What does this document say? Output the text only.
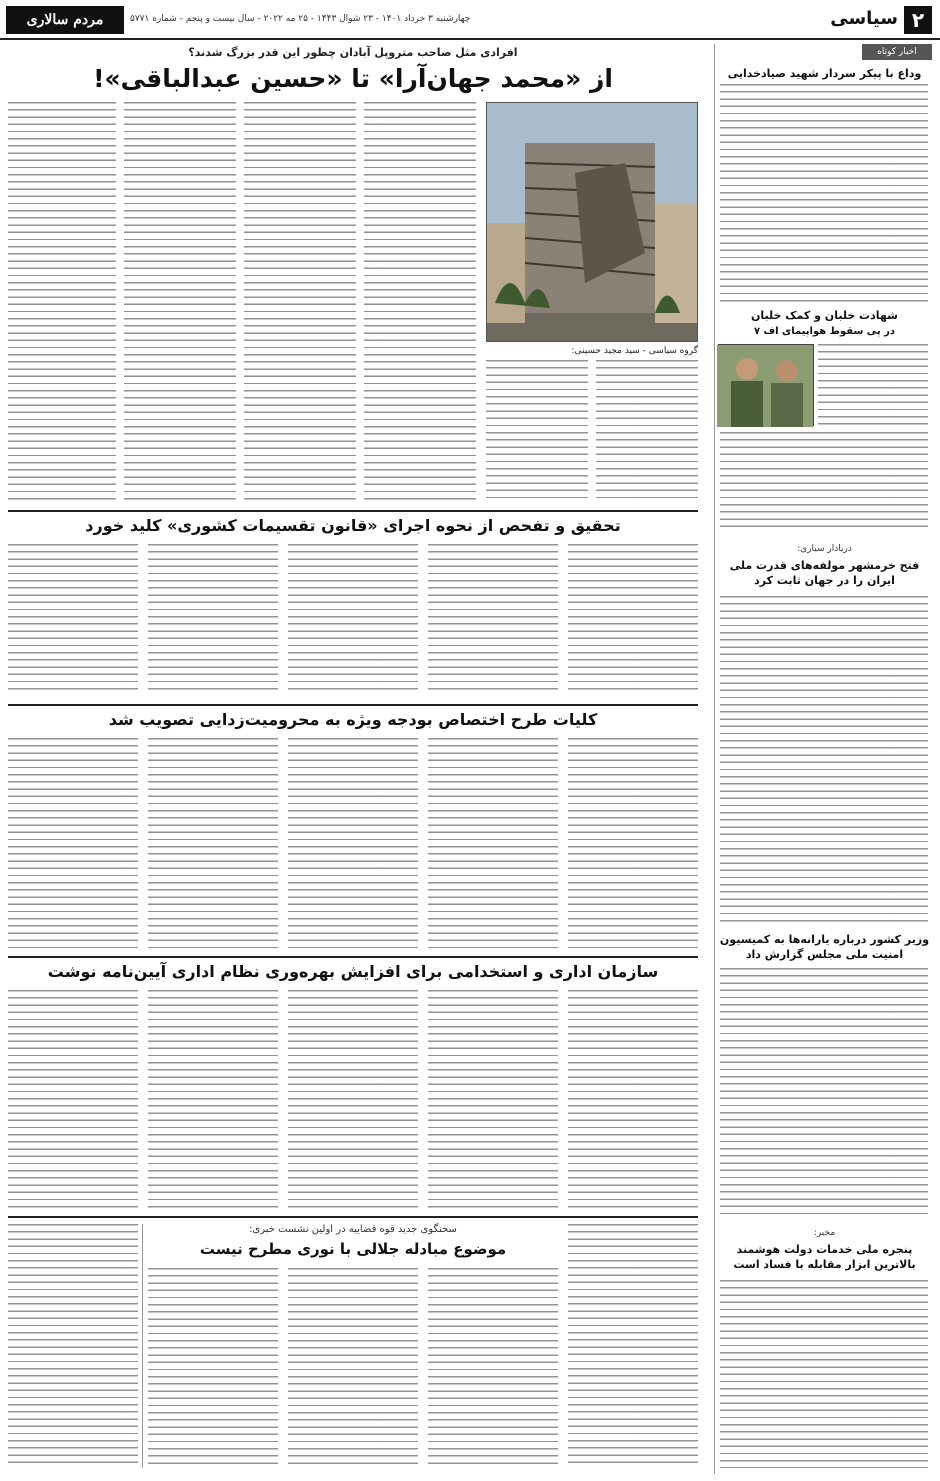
۲
سیاسی
چهارشنبه ۳ خرداد ۱۴۰۱ - ۲۳ شوال ۱۴۴۳ - ۲۵ مه ۲۰۲۲ - سال بیست و پنجم - شماره ۵۷۷۱
مردم سالاری
اخبار کوتاه
وداع با پیکر سردار شهید صیادخدایی
شهادت خلبان و کمک خلبان
در پی سقوط هواپیمای اف ۷
دریادار سیاری:
فتح خرمشهر مولفه‌های قدرت ملی ایران را در جهان ثابت کرد
وزیر کشور درباره یارانه‌ها به کمیسیون امنیت ملی مجلس گزارش داد
مخبر:
پنجره ملی خدمات دولت هوشمند بالاترین ابزار مقابله با فساد است
افرادی مثل صاحب متروپل آبادان چطور این قدر بزرگ شدند؟
از «محمد جهان‌آرا» تا «حسین عبدالباقی»!
گروه سیاسی - سید مجید حسینی:
تحقیق و تفحص از نحوه اجرای «قانون تقسیمات کشوری» کلید خورد
کلیات طرح اختصاص بودجه ویژه به محرومیت‌زدایی تصویب شد
سازمان اداری و استخدامی برای افزایش بهره‌وری نظام اداری آیین‌نامه نوشت
سخنگوی جدید قوه قضاییه در اولین نشست خبری:
موضوع مبادله جلالی با نوری مطرح نیست
